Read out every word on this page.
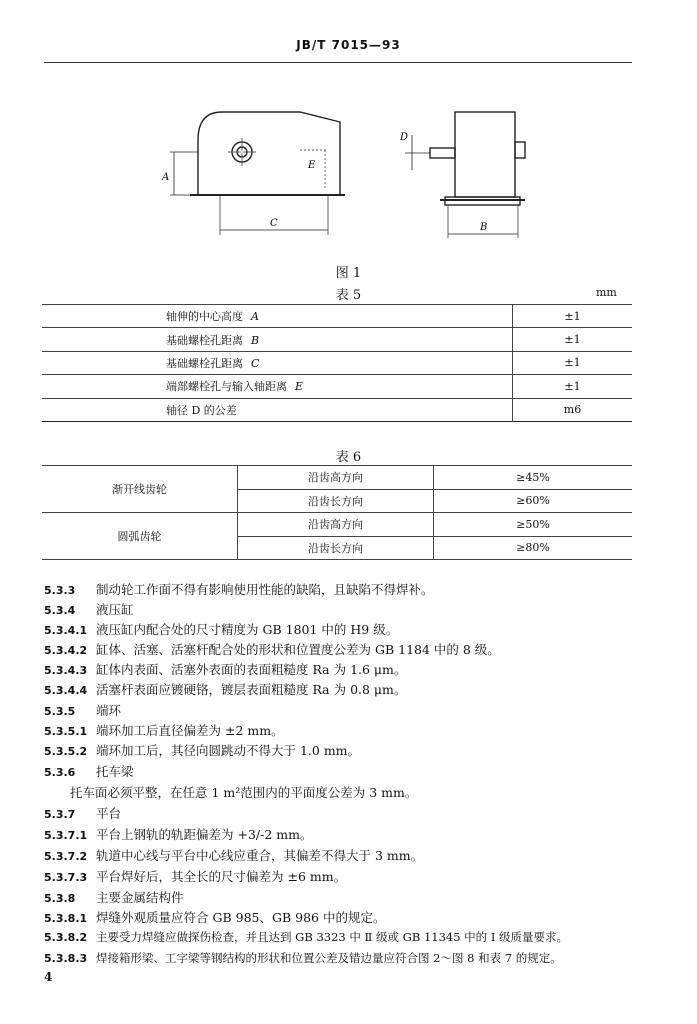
JB/T 7015—93
A
C
E
D
B
图 1
表 5	mm
轴伸的中心高度 A	±1
基础螺栓孔距离 B	±1
基础螺栓孔距离 C	±1
端部螺栓孔与输入轴距离 E	±1
轴径 D 的公差	m6
表 6
渐开线齿轮	沿齿高方向	≥45%
	沿齿长方向	≥60%
圆弧齿轮	沿齿高方向	≥50%
	沿齿长方向	≥80%
5.3.3 制动轮工作面不得有影响使用性能的缺陷，且缺陷不得焊补。
5.3.4 液压缸
5.3.4.1 液压缸内配合处的尺寸精度为 GB 1801 中的 H9 级。
5.3.4.2 缸体、活塞、活塞杆配合处的形状和位置度公差为 GB 1184 中的 8 级。
5.3.4.3 缸体内表面、活塞外表面的表面粗糙度 Ra 为 1.6 μm。
5.3.4.4 活塞杆表面应镀硬铬，镀层表面粗糙度 Ra 为 0.8 μm。
5.3.5 端环
5.3.5.1 端环加工后直径偏差为 ±2 mm。
5.3.5.2 端环加工后，其径向圆跳动不得大于 1.0 mm。
5.3.6 托车梁
托车面必须平整，在任意 1 m²范围内的平面度公差为 3 mm。
5.3.7 平台
5.3.7.1 平台上钢轨的轨距偏差为 +3/-2 mm。
5.3.7.2 轨道中心线与平台中心线应重合，其偏差不得大于 3 mm。
5.3.7.3 平台焊好后，其全长的尺寸偏差为 ±6 mm。
5.3.8 主要金属结构件
5.3.8.1 焊缝外观质量应符合 GB 985、GB 986 中的规定。
5.3.8.2 主要受力焊缝应做探伤检查，并且达到 GB 3323 中 Ⅱ 级或 GB 11345 中的 Ⅰ 级质量要求。
5.3.8.3 焊接箱形梁、工字梁等钢结构的形状和位置公差及错边量应符合图 2～图 8 和表 7 的规定。
4
